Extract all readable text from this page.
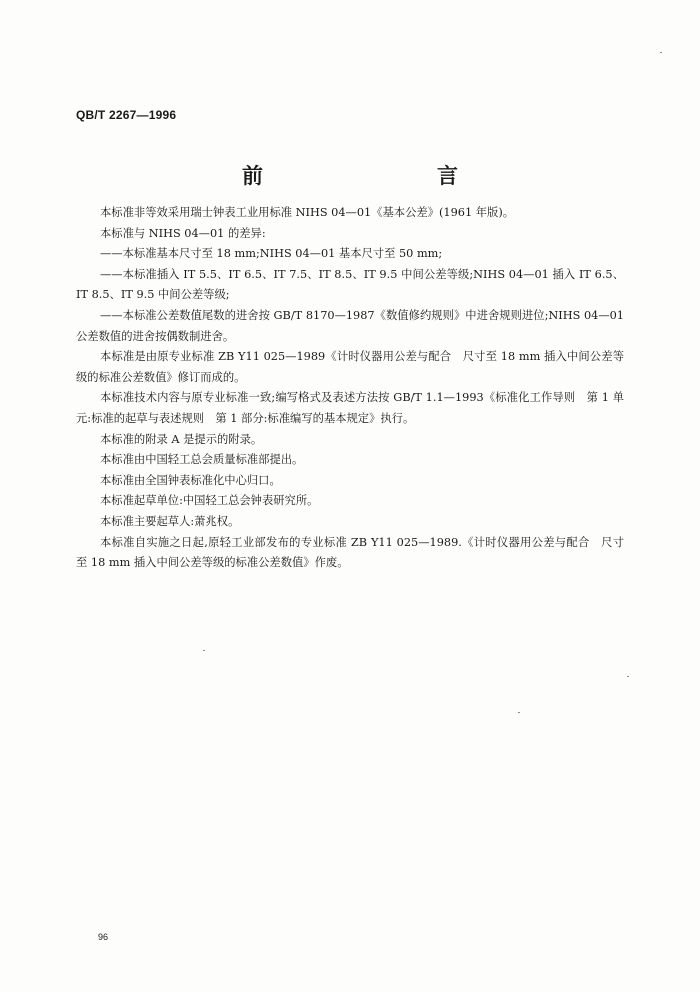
QB/T 2267—1996
前　　言

本标准非等效采用瑞士钟表工业用标准 NIHS 04—01《基本公差》(1961 年版)。

本标准与 NIHS 04—01 的差异:

——本标准基本尺寸至 18 mm;NIHS 04—01 基本尺寸至 50 mm;

——本标准插入 IT 5.5、IT 6.5、IT 7.5、IT 8.5、IT 9.5 中间公差等级;NIHS 04—01 插入 IT 6.5、IT 8.5、IT 9.5 中间公差等级;

——本标准公差数值尾数的进舍按 GB/T 8170—1987《数值修约规则》中进舍规则进位;NIHS 04—01 公差数值的进舍按偶数制进舍。

本标准是由原专业标准 ZB Y11 025—1989《计时仪器用公差与配合　尺寸至 18 mm 插入中间公差等级的标准公差数值》修订而成的。

本标准技术内容与原专业标准一致;编写格式及表述方法按 GB/T 1.1—1993《标准化工作导则　第 1 单元:标准的起草与表述规则　第 1 部分:标准编写的基本规定》执行。

本标准的附录 A 是提示的附录。

本标准由中国轻工总会质量标准部提出。

本标准由全国钟表标准化中心归口。

本标准起草单位:中国轻工总会钟表研究所。

本标准主要起草人:萧兆权。

本标准自实施之日起,原轻工业部发布的专业标准 ZB Y11 025—1989.《计时仪器用公差与配合　尺寸至 18 mm 插入中间公差等级的标准公差数值》作废。

96
